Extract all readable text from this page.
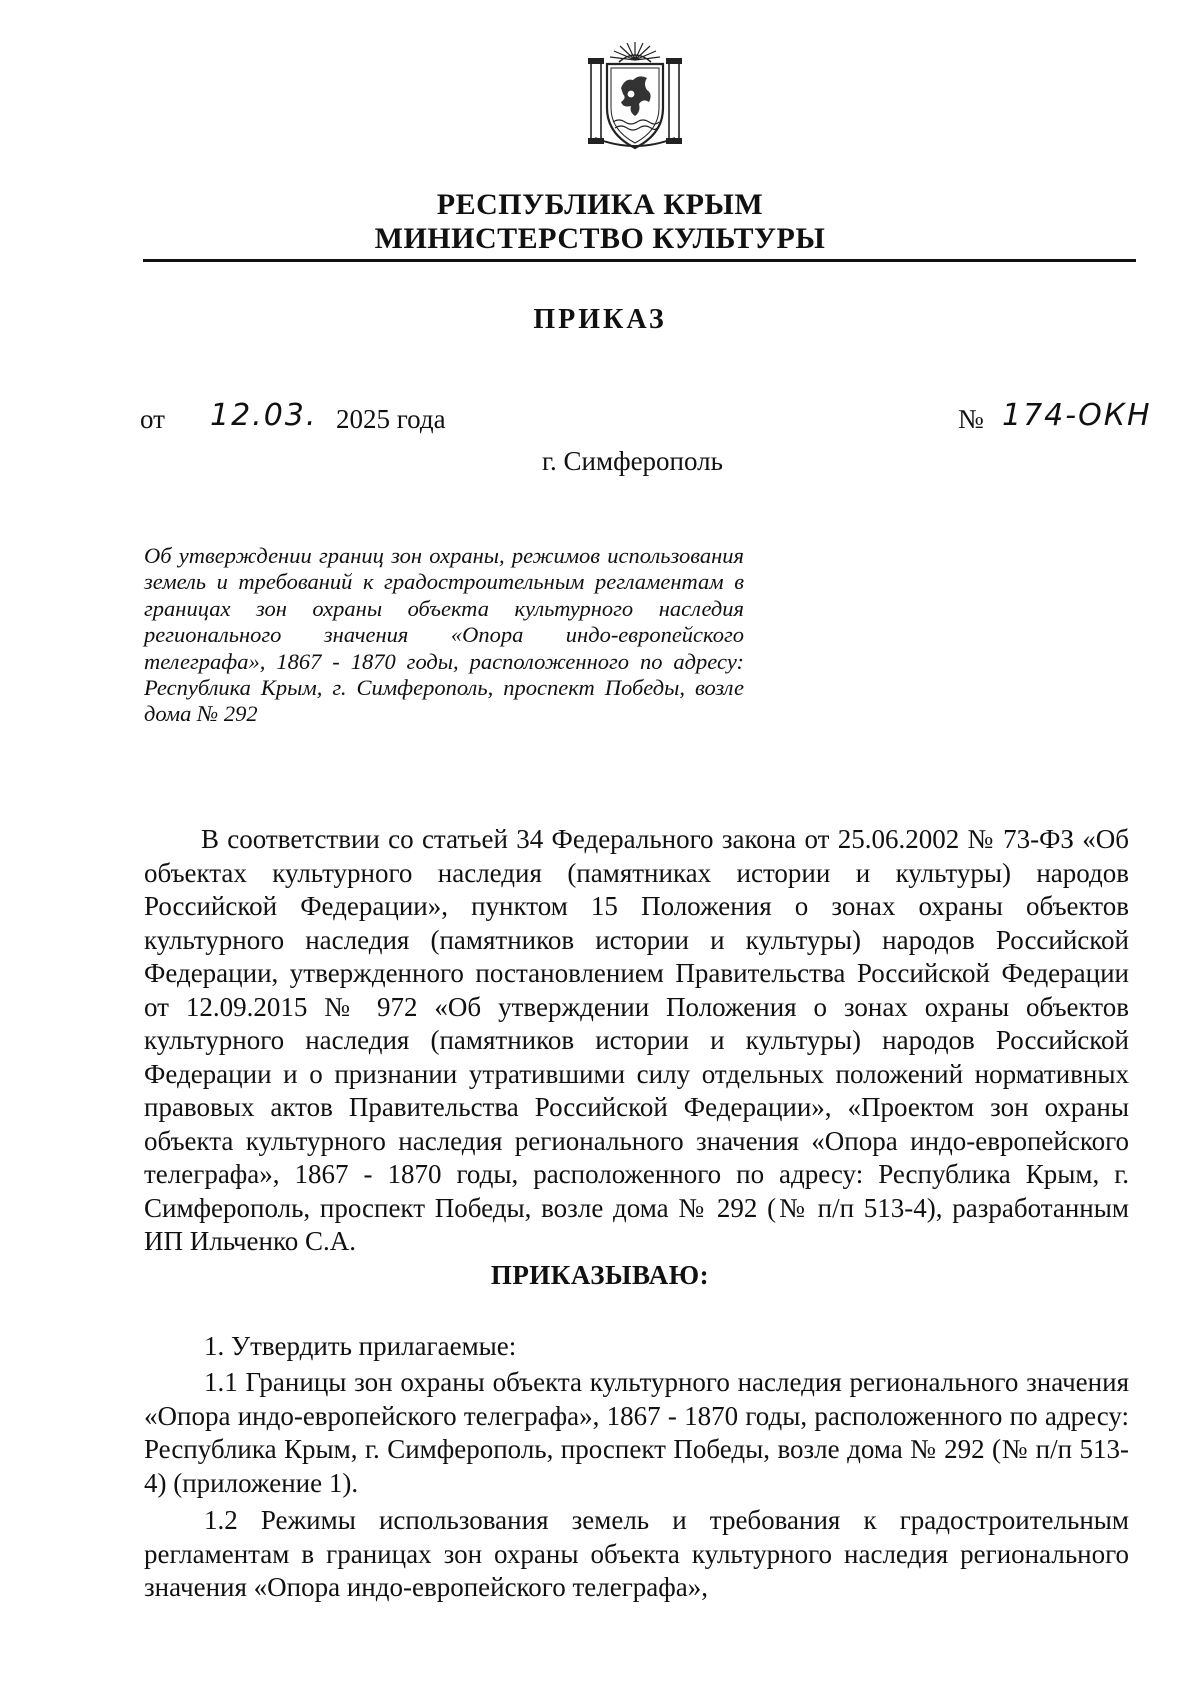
РЕСПУБЛИКА КРЫМ
МИНИСТЕРСТВО КУЛЬТУРЫ
ПРИКАЗ
от 12.03. 2025 года	№ 174-ОКН
г. Симферополь
Об утверждении границ зон охраны, режимов использования земель и требований к градостроительным регламентам в границах зон охраны объекта культурного наследия регионального значения «Опора индо-европейского телеграфа», 1867 - 1870 годы, расположенного по адресу: Республика Крым, г. Симферополь, проспект Победы, возле дома № 292
В соответствии со статьей 34 Федерального закона от 25.06.2002 № 73-ФЗ «Об объектах культурного наследия (памятниках истории и культуры) народов Российской Федерации», пунктом 15 Положения о зонах охраны объектов культурного наследия (памятников истории и культуры) народов Российской Федерации, утвержденного постановлением Правительства Российской Федерации от 12.09.2015 № 972 «Об утверждении Положения о зонах охраны объектов культурного наследия (памятников истории и культуры) народов Российской Федерации и о признании утратившими силу отдельных положений нормативных правовых актов Правительства Российской Федерации», «Проектом зон охраны объекта культурного наследия регионального значения «Опора индо-европейского телеграфа», 1867 - 1870 годы, расположенного по адресу: Республика Крым, г. Симферополь, проспект Победы, возле дома № 292 (№ п/п 513-4), разработанным ИП Ильченко С.А.
ПРИКАЗЫВАЮ:
1. Утвердить прилагаемые:
1.1 Границы зон охраны объекта культурного наследия регионального значения «Опора индо-европейского телеграфа», 1867 - 1870 годы, расположенного по адресу: Республика Крым, г. Симферополь, проспект Победы, возле дома № 292 (№ п/п 513-4) (приложение 1).
1.2 Режимы использования земель и требования к градостроительным регламентам в границах зон охраны объекта культурного наследия регионального значения «Опора индо-европейского телеграфа»,
